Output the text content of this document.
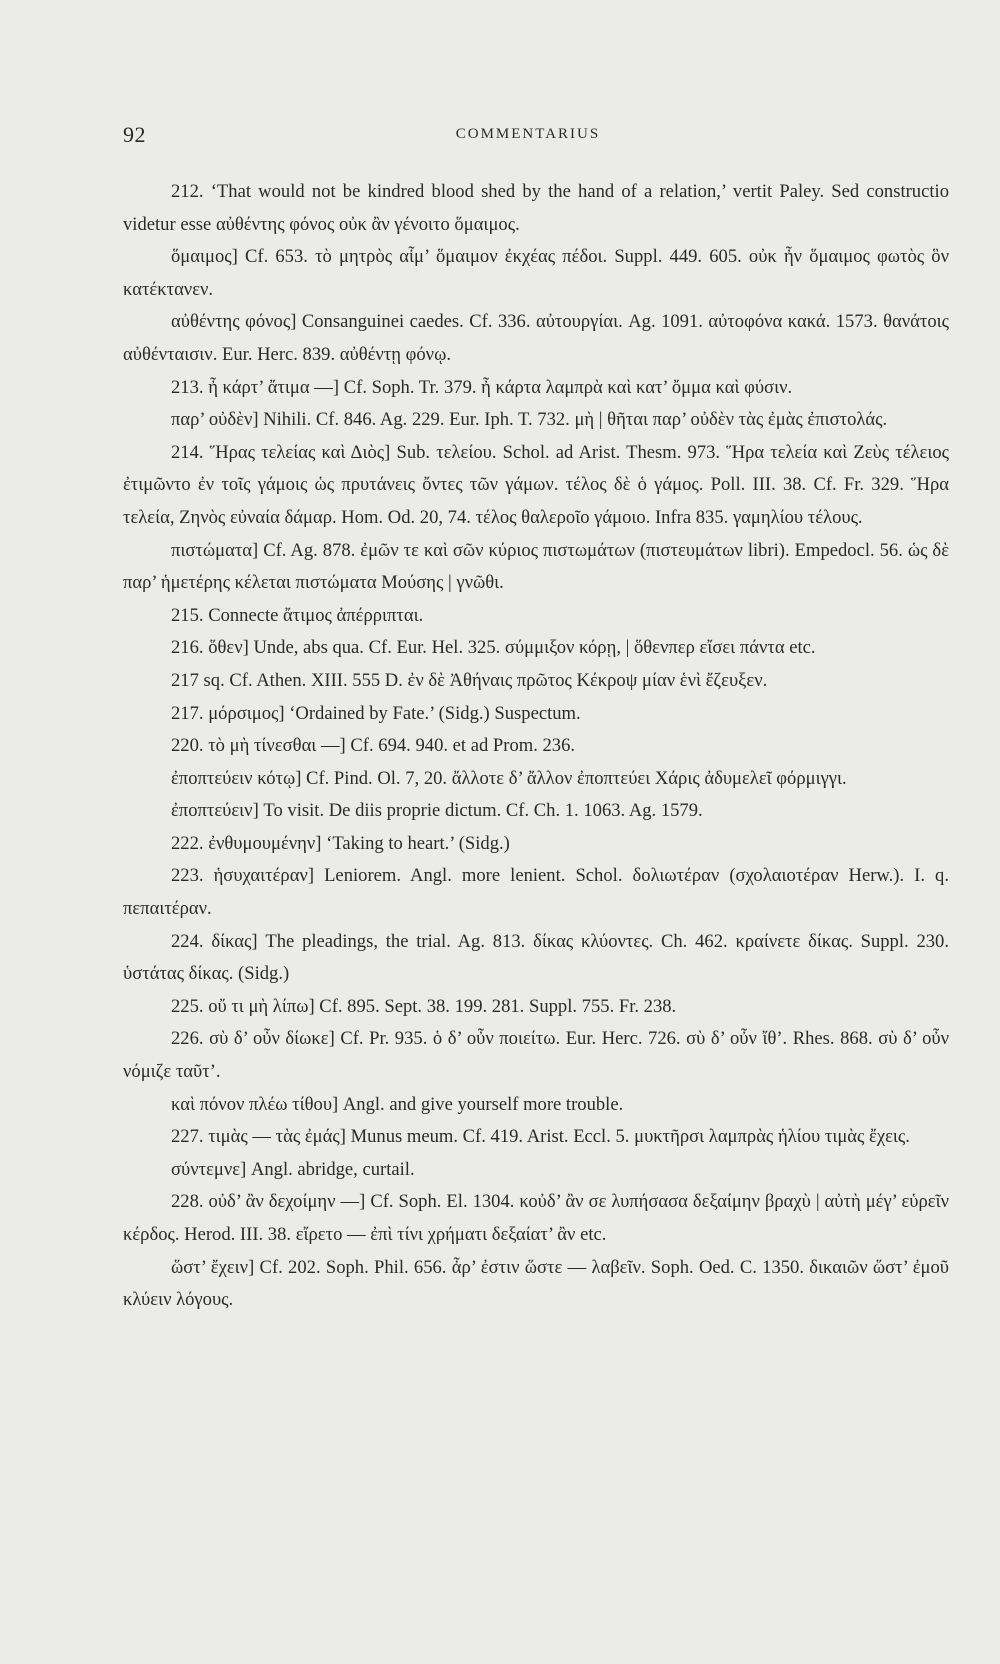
92	COMMENTARIUS

212. ‘That would not be kindred blood shed by the hand of a relation,’ vertit Paley. Sed constructio videtur esse αὐθέντης φόνος οὐκ ἂν γένοιτο ὅμαιμος.

ὅμαιμος] Cf. 653. τὸ μητρὸς αἷμ’ ὅμαιμον ἐκχέας πέδοι. Suppl. 449. 605. οὐκ ἦν ὅμαιμος φωτὸς ὃν κατέκτανεν.

αὐθέντης φόνος] Consanguinei caedes. Cf. 336. αὐτουργίαι. Ag. 1091. αὐτοφόνα κακά. 1573. θανάτοις αὐθένταισιν. Eur. Herc. 839. αὐθέντῃ φόνῳ.

213. ἦ κάρτ’ ἄτιμα —] Cf. Soph. Tr. 379. ἦ κάρτα λαμπρὰ καὶ κατ’ ὄμμα καὶ φύσιν.

παρ’ οὐδὲν] Nihili. Cf. 846. Ag. 229. Eur. Iph. T. 732. μὴ | θῆται παρ’ οὐδὲν τὰς ἐμὰς ἐπιστολάς.

214. Ἥρας τελείας καὶ Διὸς] Sub. τελείου. Schol. ad Arist. Thesm. 973. Ἥρα τελεία καὶ Ζεὺς τέλειος ἐτιμῶντο ἐν τοῖς γάμοις ὡς πρυτάνεις ὄντες τῶν γάμων. τέλος δὲ ὁ γάμος. Poll. III. 38. Cf. Fr. 329. Ἥρα τελεία, Ζηνὸς εὐναία δάμαρ. Hom. Od. 20, 74. τέλος θαλεροῖο γάμοιο. Infra 835. γαμηλίου τέλους.

πιστώματα] Cf. Ag. 878. ἐμῶν τε καὶ σῶν κύριος πιστωμάτων (πιστευμάτων libri). Empedocl. 56. ὡς δὲ παρ’ ἡμετέρης κέλεται πιστώματα Μούσης | γνῶθι.

215. Connecte ἄτιμος ἀπέρριπται.

216. ὅθεν] Unde, abs qua. Cf. Eur. Hel. 325. σύμμιξον κόρῃ, | ὅθενπερ εἴσει πάντα etc.

217 sq. Cf. Athen. XIII. 555 D. ἐν δὲ Ἀθήναις πρῶτος Κέκροψ μίαν ἑνὶ ἔζευξεν.

217. μόρσιμος] ‘Ordained by Fate.’ (Sidg.) Suspectum.

220. τὸ μὴ τίνεσθαι —] Cf. 694. 940. et ad Prom. 236.

ἐποπτεύειν κότῳ] Cf. Pind. Ol. 7, 20. ἄλλοτε δ’ ἄλλον ἐποπτεύει Χάρις ἀδυμελεῖ φόρμιγγι.

ἐποπτεύειν] To visit. De diis proprie dictum. Cf. Ch. 1. 1063. Ag. 1579.

222. ἐνθυμουμένην] ‘Taking to heart.’ (Sidg.)

223. ἡσυχαιτέραν] Leniorem. Angl. more lenient. Schol. δολιωτέραν (σχολαιοτέραν Herw.). I. q. πεπαιτέραν.

224. δίκας] The pleadings, the trial. Ag. 813. δίκας κλύοντες. Ch. 462. κραίνετε δίκας. Suppl. 230. ὑστάτας δίκας. (Sidg.)

225. οὔ τι μὴ λίπω] Cf. 895. Sept. 38. 199. 281. Suppl. 755. Fr. 238.

226. σὺ δ’ οὖν δίωκε] Cf. Pr. 935. ὁ δ’ οὖν ποιείτω. Eur. Herc. 726. σὺ δ’ οὖν ἴθ’. Rhes. 868. σὺ δ’ οὖν νόμιζε ταῦτ’.

καὶ πόνον πλέω τίθου] Angl. and give yourself more trouble.

227. τιμὰς — τὰς ἐμάς] Munus meum. Cf. 419. Arist. Eccl. 5. μυκτῆρσι λαμπρὰς ἡλίου τιμὰς ἔχεις.

σύντεμνε] Angl. abridge, curtail.

228. οὐδ’ ἂν δεχοίμην —] Cf. Soph. El. 1304. κοὐδ’ ἂν σε λυπήσασα δεξαίμην βραχὺ | αὐτὴ μέγ’ εὑρεῖν κέρδος. Herod. III. 38. εἴρετο — ἐπὶ τίνι χρήματι δεξαίατ’ ἂν etc.

ὥστ’ ἔχειν] Cf. 202. Soph. Phil. 656. ἆρ’ ἐστιν ὥστε — λαβεῖν. Soph. Oed. C. 1350. δικαιῶν ὥστ’ ἐμοῦ κλύειν λόγους.
